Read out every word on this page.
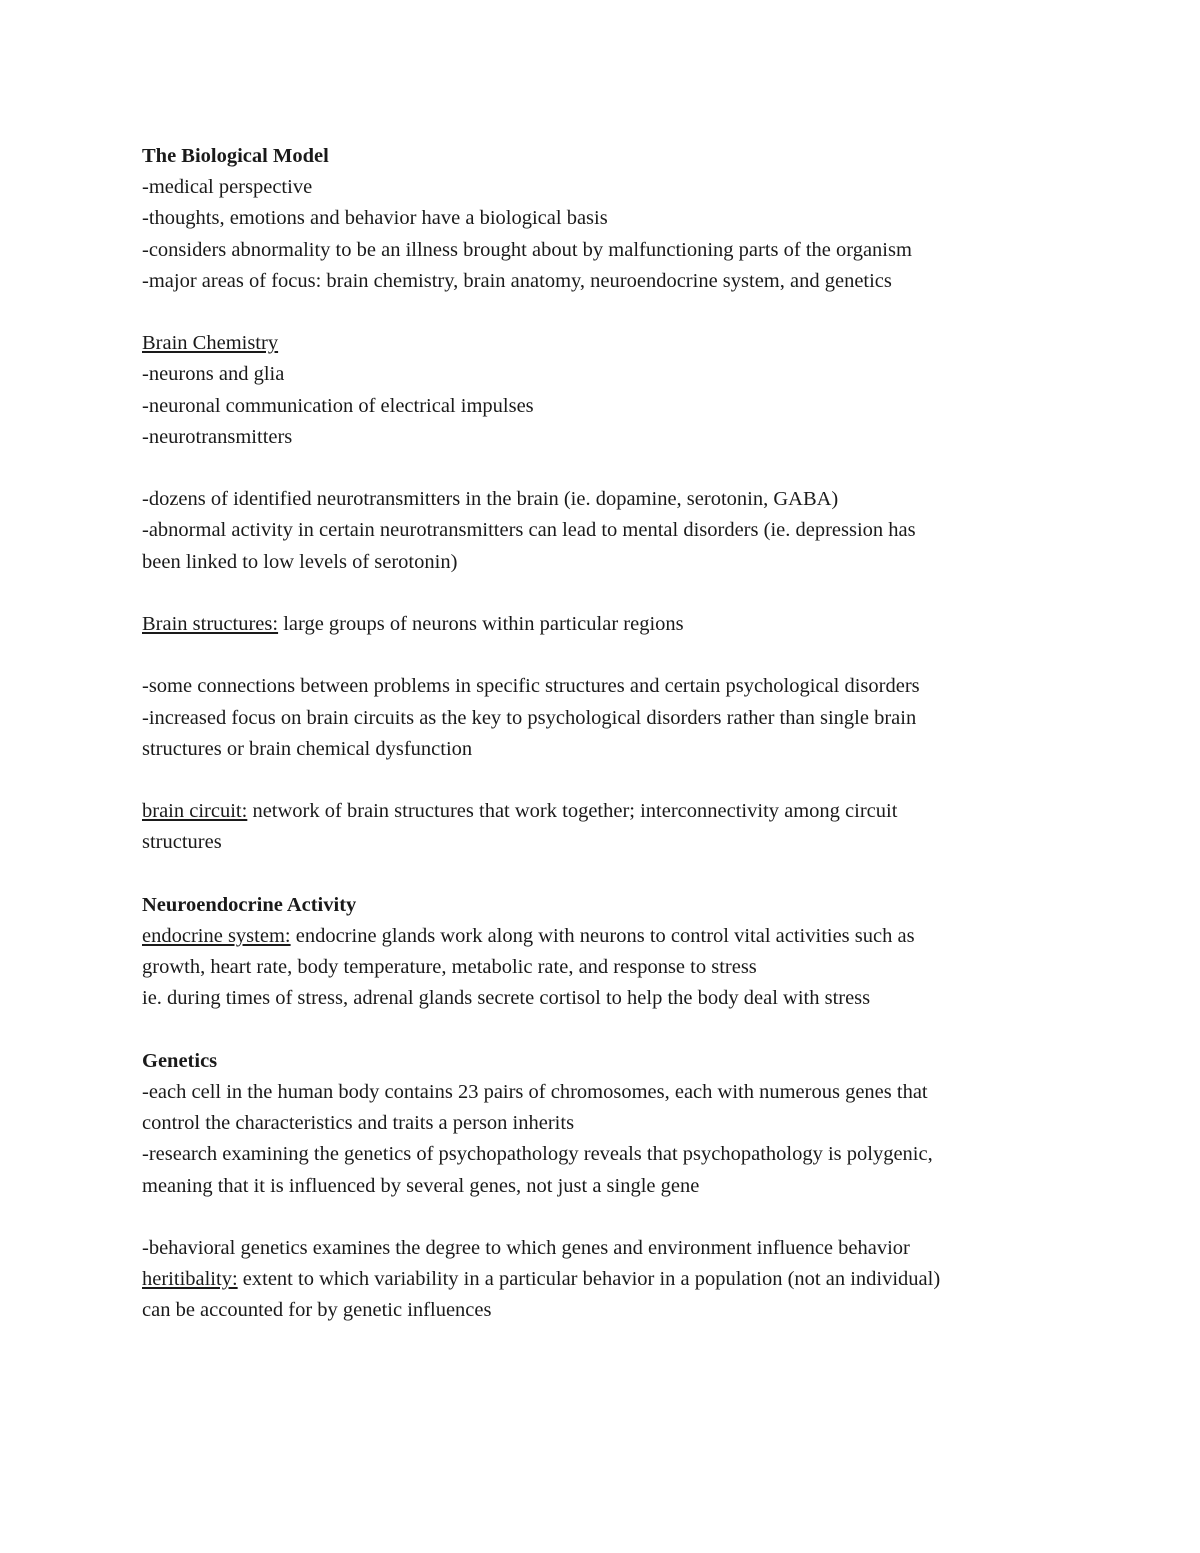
The Biological Model
-medical perspective
-thoughts, emotions and behavior have a biological basis
-considers abnormality to be an illness brought about by malfunctioning parts of the organism
-major areas of focus: brain chemistry, brain anatomy, neuroendocrine system, and genetics
Brain Chemistry
-neurons and glia
-neuronal communication of electrical impulses
-neurotransmitters
-dozens of identified neurotransmitters in the brain (ie. dopamine, serotonin, GABA)
-abnormal activity in certain neurotransmitters can lead to mental disorders (ie. depression has
been linked to low levels of serotonin)
Brain structures: large groups of neurons within particular regions
-some connections between problems in specific structures and certain psychological disorders
-increased focus on brain circuits as the key to psychological disorders rather than single brain
structures or brain chemical dysfunction
brain circuit: network of brain structures that work together; interconnectivity among circuit
structures
Neuroendocrine Activity
endocrine system: endocrine glands work along with neurons to control vital activities such as
growth, heart rate, body temperature, metabolic rate, and response to stress
ie. during times of stress, adrenal glands secrete cortisol to help the body deal with stress
Genetics
-each cell in the human body contains 23 pairs of chromosomes, each with numerous genes that
control the characteristics and traits a person inherits
-research examining the genetics of psychopathology reveals that psychopathology is polygenic,
meaning that it is influenced by several genes, not just a single gene
-behavioral genetics examines the degree to which genes and environment influence behavior
heritibality: extent to which variability in a particular behavior in a population (not an individual)
can be accounted for by genetic influences
